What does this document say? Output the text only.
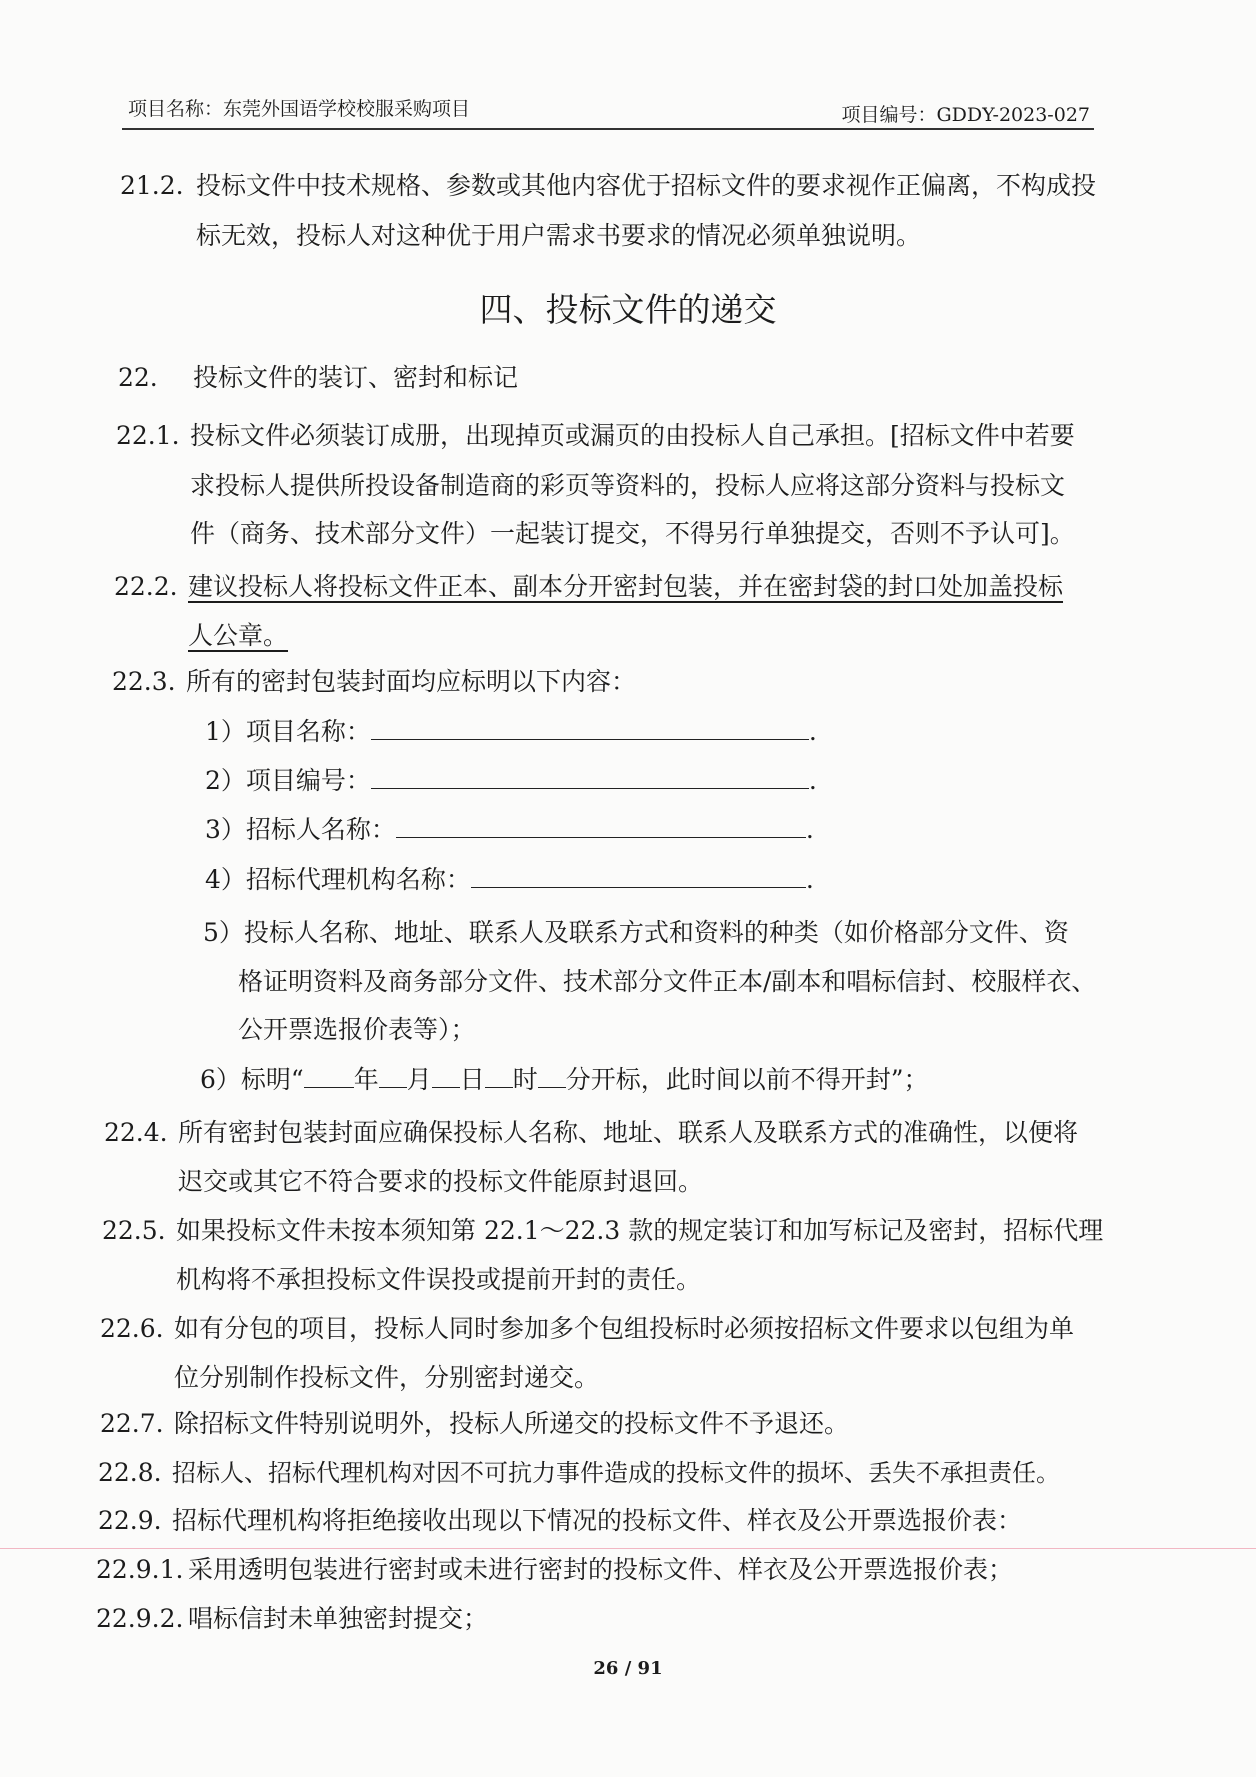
项目名称：东莞外国语学校校服采购项目	项目编号：GDDY-2023-027
21.2. 投标文件中技术规格、参数或其他内容优于招标文件的要求视作正偏离，不构成投
标无效，投标人对这种优于用户需求书要求的情况必须单独说明。
四、投标文件的递交
22. 投标文件的装订、密封和标记
22.1. 投标文件必须装订成册，出现掉页或漏页的由投标人自己承担。[招标文件中若要
求投标人提供所投设备制造商的彩页等资料的，投标人应将这部分资料与投标文
件（商务、技术部分文件）一起装订提交，不得另行单独提交，否则不予认可]。
22.2. 建议投标人将投标文件正本、副本分开密封包装，并在密封袋的封口处加盖投标
人公章。
22.3. 所有的密封包装封面均应标明以下内容：
1）项目名称：	.
2）项目编号：	.
3）招标人名称：	.
4）招标代理机构名称：	.
5）投标人名称、地址、联系人及联系方式和资料的种类（如价格部分文件、资
格证明资料及商务部分文件、技术部分文件正本/副本和唱标信封、校服样衣、
公开票选报价表等）；
6）标明“ 年 月 日 时 分开标，此时间以前不得开封”；
22.4. 所有密封包装封面应确保投标人名称、地址、联系人及联系方式的准确性，以便将
迟交或其它不符合要求的投标文件能原封退回。
22.5. 如果投标文件未按本须知第 22.1～22.3 款的规定装订和加写标记及密封，招标代理
机构将不承担投标文件误投或提前开封的责任。
22.6. 如有分包的项目，投标人同时参加多个包组投标时必须按招标文件要求以包组为单
位分别制作投标文件，分别密封递交。
22.7. 除招标文件特别说明外，投标人所递交的投标文件不予退还。
22.8. 招标人、招标代理机构对因不可抗力事件造成的投标文件的损坏、丢失不承担责任。
22.9. 招标代理机构将拒绝接收出现以下情况的投标文件、样衣及公开票选报价表：
22.9.1. 采用透明包装进行密封或未进行密封的投标文件、样衣及公开票选报价表；
22.9.2. 唱标信封未单独密封提交；
26 / 91
